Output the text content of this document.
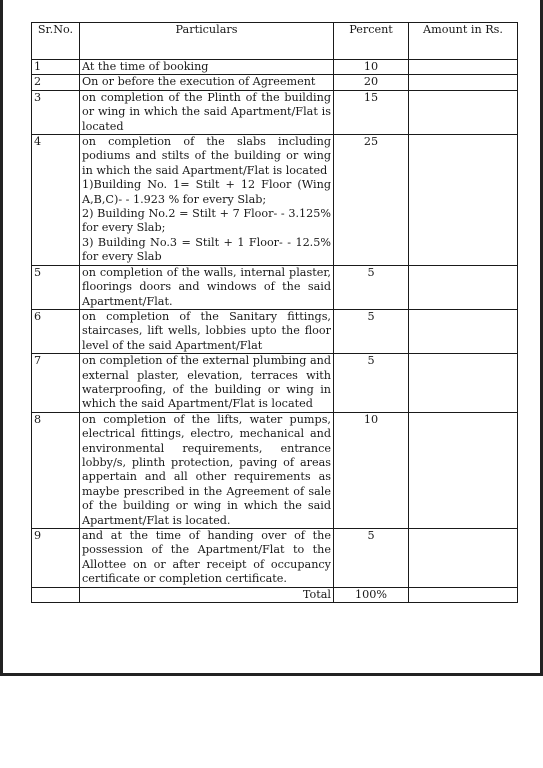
Sr.No.	Particulars	Percent	Amount in Rs.
1	At the time of booking	10	
2	On or before the execution of Agreement	20	
3	on completion of the Plinth of the building or wing in which the said Apartment/Flat is located	15	
4	on completion of the slabs including podiums and stilts of the building or wing in which the said Apartment/Flat is located
1)Building No. 1= Stilt + 12 Floor (Wing A,B,C)- - 1.923 % for every Slab;
2) Building No.2 = Stilt + 7 Floor- - 3.125% for every Slab;
3) Building No.3 = Stilt + 1 Floor- - 12.5% for every Slab	25	
5	on completion of the walls, internal plaster, floorings doors and windows of the said Apartment/Flat.	5	
6	on completion of the Sanitary fittings, staircases, lift wells, lobbies upto the floor level of the said Apartment/Flat	5	
7	on completion of the external plumbing and external plaster, elevation, terraces with waterproofing, of the building or wing in which the said Apartment/Flat is located	5	
8	on completion of the lifts, water pumps, electrical fittings, electro, mechanical and environmental requirements, entrance lobby/s, plinth protection, paving of areas appertain and all other requirements as maybe prescribed in the Agreement of sale of the building or wing in which the said Apartment/Flat is located.	10	
9	and at the time of handing over of the possession of the Apartment/Flat to the Allottee on or after receipt of occupancy certificate or completion certificate.	5	
	Total	100%	
